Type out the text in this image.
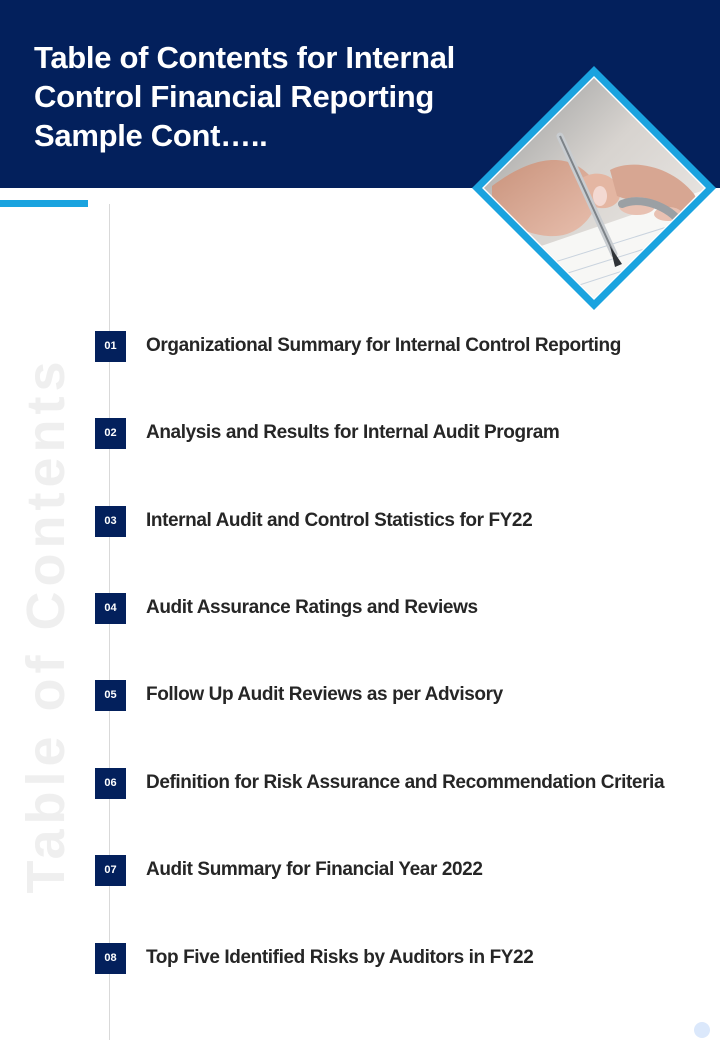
Table of Contents for Internal Control Financial Reporting Sample Cont…..
Table of Contents
01	Organizational Summary for Internal Control Reporting
02	Analysis and Results for Internal Audit Program
03	Internal Audit and Control Statistics for FY22
04	Audit Assurance Ratings and Reviews
05	Follow Up Audit Reviews as per Advisory
06	Definition for Risk Assurance and Recommendation Criteria
07	Audit Summary for Financial Year 2022
08	Top Five Identified Risks by Auditors in FY22
